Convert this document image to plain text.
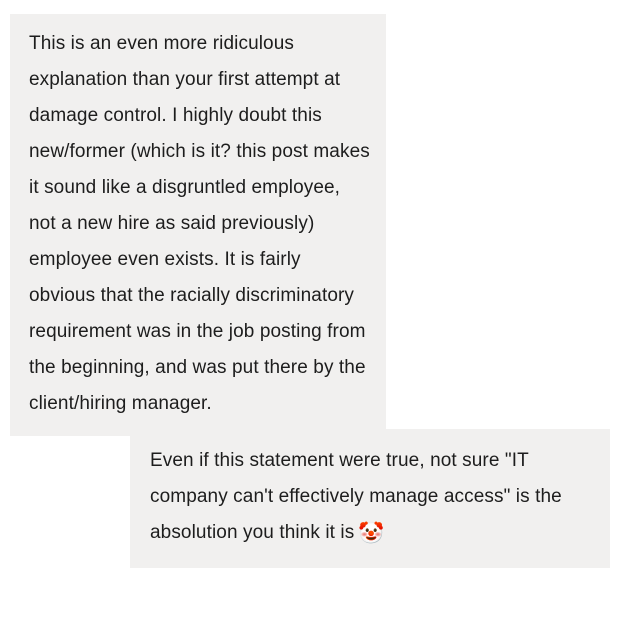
This is an even more ridiculous explanation than your first attempt at damage control. I highly doubt this new/former (which is it? this post makes it sound like a disgruntled employee, not a new hire as said previously) employee even exists. It is fairly obvious that the racially discriminatory requirement was in the job posting from the beginning, and was put there by the client/hiring manager.

Even if this statement were true, not sure "IT company can't effectively manage access" is the absolution you think it is 🤡
